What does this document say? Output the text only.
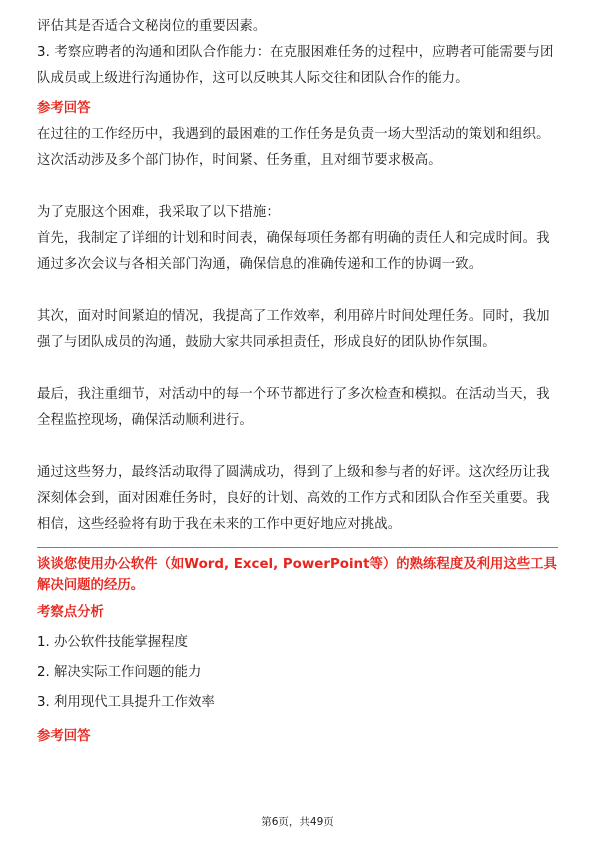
评估其是否适合文秘岗位的重要因素。

3. 考察应聘者的沟通和团队合作能力：在克服困难任务的过程中，应聘者可能需要与团队成员或上级进行沟通协作，这可以反映其人际交往和团队合作的能力。

参考回答

在过往的工作经历中，我遇到的最困难的工作任务是负责一场大型活动的策划和组织。这次活动涉及多个部门协作，时间紧、任务重，且对细节要求极高。

为了克服这个困难，我采取了以下措施：

首先，我制定了详细的计划和时间表，确保每项任务都有明确的责任人和完成时间。我通过多次会议与各相关部门沟通，确保信息的准确传递和工作的协调一致。

其次，面对时间紧迫的情况，我提高了工作效率，利用碎片时间处理任务。同时，我加强了与团队成员的沟通，鼓励大家共同承担责任，形成良好的团队协作氛围。

最后，我注重细节，对活动中的每一个环节都进行了多次检查和模拟。在活动当天，我全程监控现场，确保活动顺利进行。

通过这些努力，最终活动取得了圆满成功，得到了上级和参与者的好评。这次经历让我深刻体会到，面对困难任务时，良好的计划、高效的工作方式和团队合作至关重要。我相信，这些经验将有助于我在未来的工作中更好地应对挑战。

谈谈您使用办公软件（如Word, Excel, PowerPoint等）的熟练程度及利用这些工具解决问题的经历。

考察点分析

1. 办公软件技能掌握程度

2. 解决实际工作问题的能力

3. 利用现代工具提升工作效率

参考回答

第6页，共49页
